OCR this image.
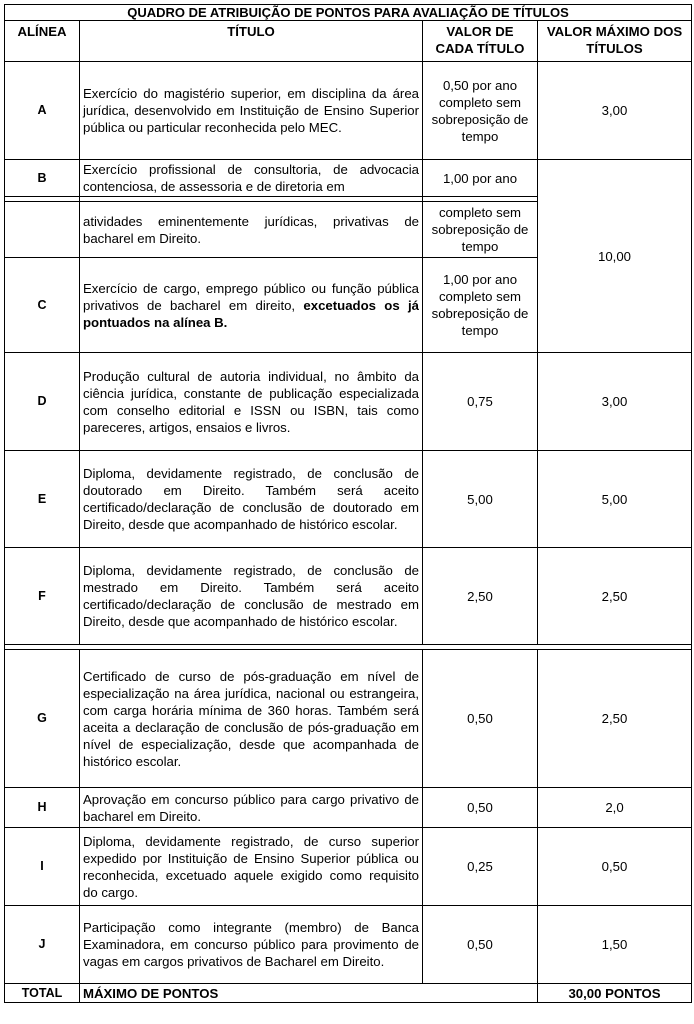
QUADRO DE ATRIBUIÇÃO DE PONTOS PARA AVALIAÇÃO DE TÍTULOS			
ALÍNEA	TÍTULO	VALOR DE CADA TÍTULO	VALOR MÁXIMO DOS TÍTULOS
A	Exercício do magistério superior, em disciplina da área jurídica, desenvolvido em Instituição de Ensino Superior pública ou particular reconhecida pelo MEC.	0,50 por ano completo sem sobreposição de tempo	3,00
B	Exercício profissional de consultoria, de advocacia contenciosa, de assessoria e de diretoria em	1,00 por ano	10,00

	atividades eminentemente jurídicas, privativas de bacharel em Direito.	completo sem sobreposição de tempo	
C	Exercício de cargo, emprego público ou função pública privativos de bacharel em direito, excetuados os já pontuados na alínea B.	1,00 por ano completo sem sobreposição de tempo	
D	Produção cultural de autoria individual, no âmbito da ciência jurídica, constante de publicação especializada com conselho editorial e ISSN ou ISBN, tais como pareceres, artigos, ensaios e livros.	0,75	3,00
E	Diploma, devidamente registrado, de conclusão de doutorado em Direito. Também será aceito certificado/declaração de conclusão de doutorado em Direito, desde que acompanhado de histórico escolar.	5,00	5,00
F	Diploma, devidamente registrado, de conclusão de mestrado em Direito. Também será aceito certificado/declaração de conclusão de mestrado em Direito, desde que acompanhado de histórico escolar.	2,50	2,50

G	Certificado de curso de pós-graduação em nível de especialização na área jurídica, nacional ou estrangeira, com carga horária mínima de 360 horas. Também será aceita a declaração de conclusão de pós-graduação em nível de especialização, desde que acompanhada de histórico escolar.	0,50	2,50
H	Aprovação em concurso público para cargo privativo de bacharel em Direito.	0,50	2,0
I	Diploma, devidamente registrado, de curso superior expedido por Instituição de Ensino Superior pública ou reconhecida, excetuado aquele exigido como requisito do cargo.	0,25	0,50
J	Participação como integrante (membro) de Banca Examinadora, em concurso público para provimento de vagas em cargos privativos de Bacharel em Direito.	0,50	1,50
TOTAL	MÁXIMO DE PONTOS		30,00 PONTOS
